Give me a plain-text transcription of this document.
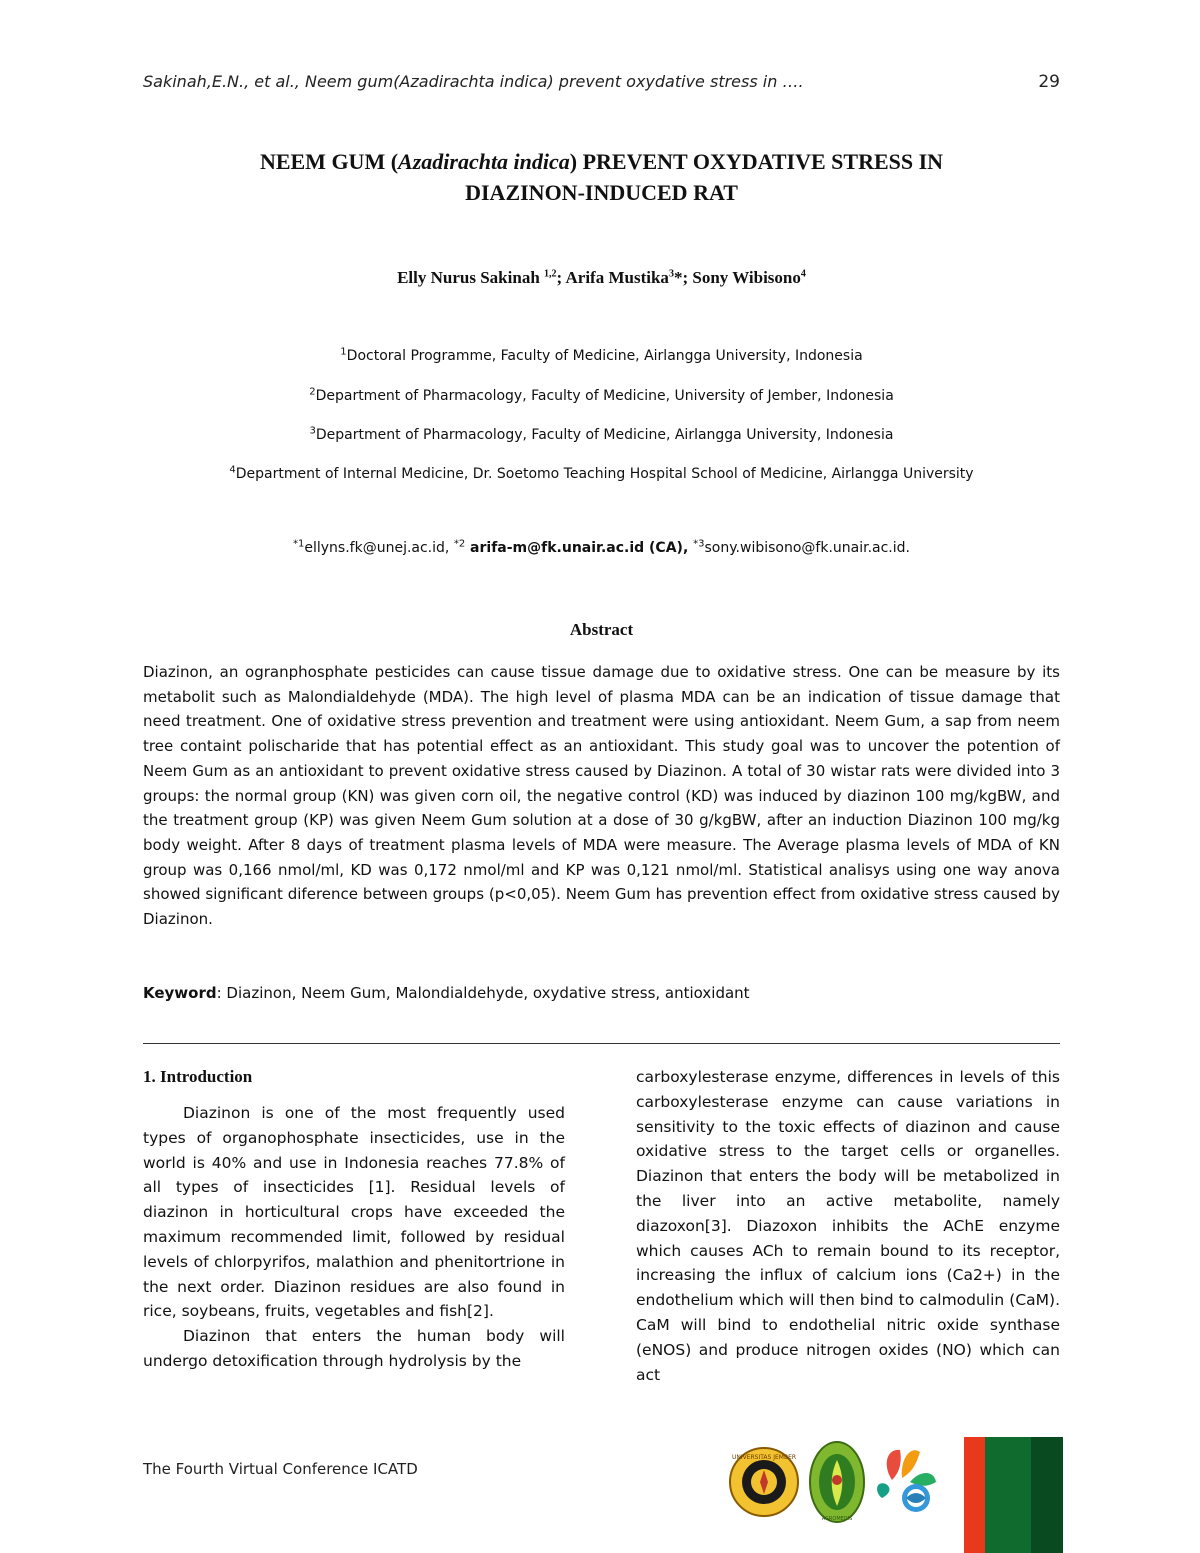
Sakinah,E.N., et al., Neem gum(Azadirachta indica) prevent oxydative stress in ….	29
NEEM GUM (Azadirachta indica) PREVENT OXYDATIVE STRESS IN
DIAZINON-INDUCED RAT
Elly Nurus Sakinah $^{1,2}$; Arifa Mustika$^3$*; Sony Wibisono$^4$
$^1$Doctoral Programme, Faculty of Medicine, Airlangga University, Indonesia
$^2$Department of Pharmacology, Faculty of Medicine, University of Jember, Indonesia
$^3$Department of Pharmacology, Faculty of Medicine, Airlangga University, Indonesia
$^4$Department of Internal Medicine, Dr. Soetomo Teaching Hospital School of Medicine, Airlangga University
$^{*1}$ellyns.fk@unej.ac.id, $^{*2}$ arifa-m@fk.unair.ac.id (CA), $^{*3}$sony.wibisono@fk.unair.ac.id.
Abstract
Diazinon, an ogranphosphate pesticides can cause tissue damage due to oxidative stress. One can be measure by its metabolit such as Malondialdehyde (MDA). The high level of plasma MDA can be an indication of tissue damage that need treatment. One of oxidative stress prevention and treatment were using antioxidant. Neem Gum, a sap from neem tree containt polischaride that has potential effect as an antioxidant. This study goal was to uncover the potention of Neem Gum as an antioxidant to prevent oxidative stress caused by Diazinon. A total of 30 wistar rats were divided into 3 groups: the normal group (KN) was given corn oil, the negative control (KD) was induced by diazinon 100 mg/kgBW, and the treatment group (KP) was given Neem Gum solution at a dose of 30 g/kgBW, after an induction Diazinon 100 mg/kg body weight. After 8 days of treatment plasma levels of MDA were measure. The Average plasma levels of MDA of KN group was 0,166 nmol/ml, KD was 0,172 nmol/ml and KP was 0,121 nmol/ml. Statistical analisys using one way anova showed significant diference between groups (p<0,05). Neem Gum has prevention effect from oxidative stress caused by Diazinon.
Keyword: Diazinon, Neem Gum, Malondialdehyde, oxydative stress, antioxidant
1. Introduction

Diazinon is one of the most frequently used types of organophosphate insecticides, use in the world is 40% and use in Indonesia reaches 77.8% of all types of insecticides [1]. Residual levels of diazinon in horticultural crops have exceeded the maximum recommended limit, followed by residual levels of chlorpyrifos, malathion and phenitortrione in the next order. Diazinon residues are also found in rice, soybeans, fruits, vegetables and fish[2].

Diazinon that enters the human body will undergo detoxification through hydrolysis by the

carboxylesterase enzyme, differences in levels of this carboxylesterase enzyme can cause variations in sensitivity to the toxic effects of diazinon and cause oxidative stress to the target cells or organelles. Diazinon that enters the body will be metabolized in the liver into an active metabolite, namely diazoxon[3]. Diazoxon inhibits the AChE enzyme which causes ACh to remain bound to its receptor, increasing the influx of calcium ions (Ca2+) in the endothelium which will then bind to calmodulin (CaM). CaM will bind to endothelial nitric oxide synthase (eNOS) and produce nitrogen oxides (NO) which can act

The Fourth Virtual Conference ICATD
UNIVERSITAS JEMBER
AGROMEDIS
